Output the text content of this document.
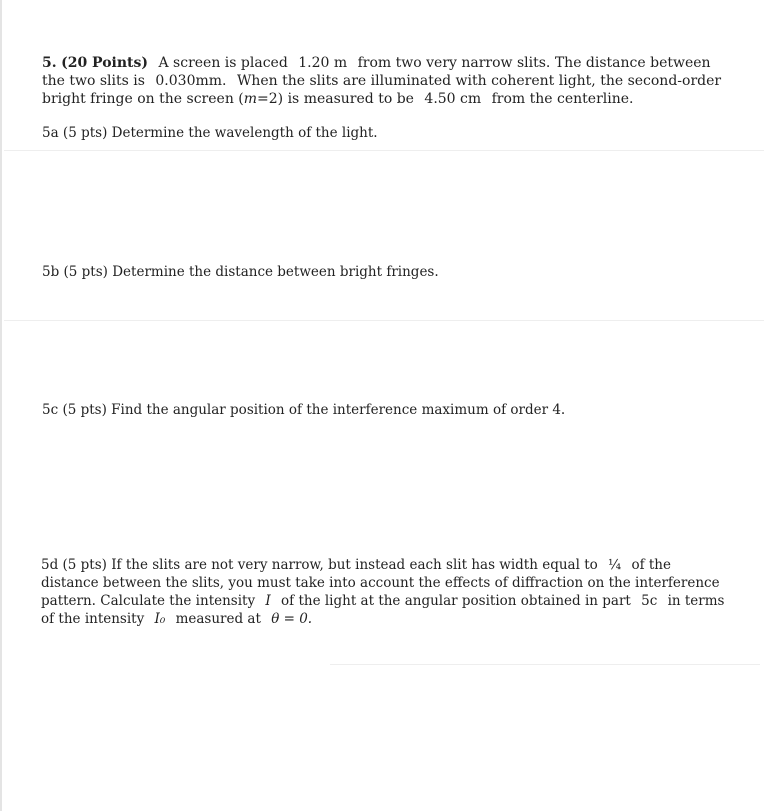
5. (20 Points) A screen is placed 1.20 m from two very narrow slits. The distance between the two slits is 0.030mm. When the slits are illuminated with coherent light, the second-order bright fringe on the screen (m=2) is measured to be 4.50 cm from the centerline.
5a (5 pts) Determine the wavelength of the light.
5b (5 pts) Determine the distance between bright fringes.
5c (5 pts) Find the angular position of the interference maximum of order 4.
5d (5 pts) If the slits are not very narrow, but instead each slit has width equal to ¼ of the distance between the slits, you must take into account the effects of diffraction on the interference pattern. Calculate the intensity I of the light at the angular position obtained in part 5c in terms of the intensity I₀ measured at θ = 0.
